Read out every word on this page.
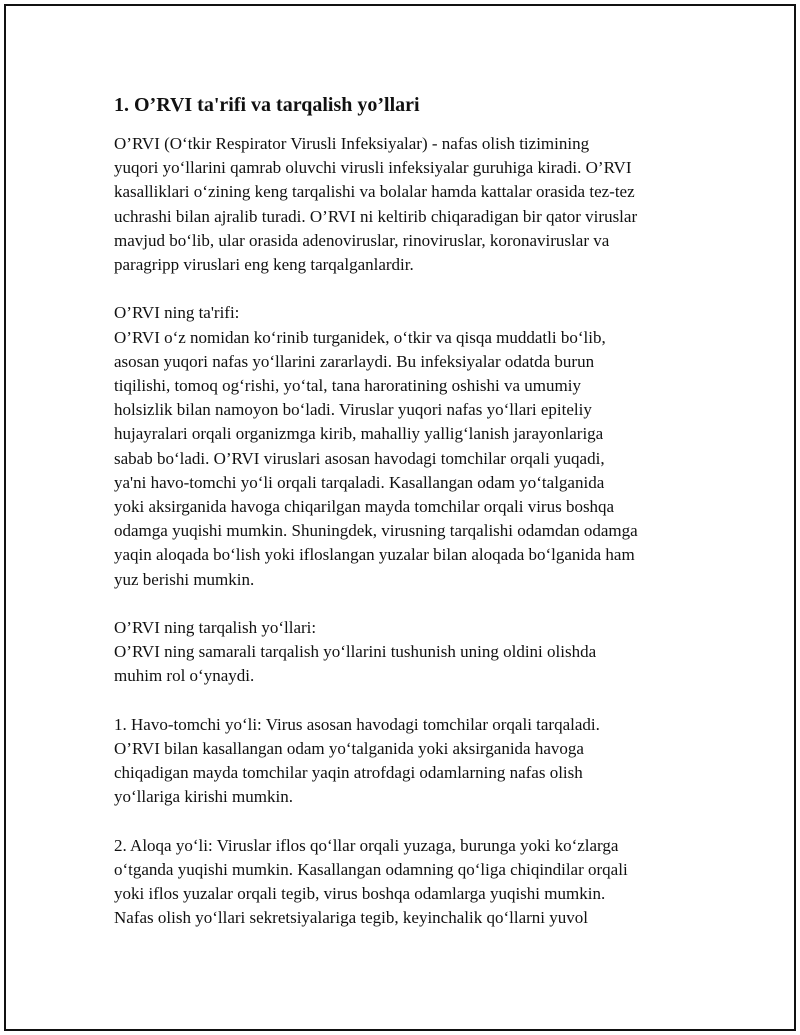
1. O’RVI ta'rifi va tarqalish yo’llari

O’RVI (O‘tkir Respirator Virusli Infeksiyalar) - nafas olish tizimining

yuqori yo‘llarini qamrab oluvchi virusli infeksiyalar guruhiga kiradi. O’RVI

kasalliklari o‘zining keng tarqalishi va bolalar hamda kattalar orasida tez-tez

uchrashi bilan ajralib turadi. O’RVI ni keltirib chiqaradigan bir qator viruslar

mavjud bo‘lib, ular orasida adenoviruslar, rinoviruslar, koronaviruslar va

paragripp viruslari eng keng tarqalganlardir.

O’RVI ning ta'rifi:

O’RVI o‘z nomidan ko‘rinib turganidek, o‘tkir va qisqa muddatli bo‘lib,

asosan yuqori nafas yo‘llarini zararlaydi. Bu infeksiyalar odatda burun

tiqilishi, tomoq og‘rishi, yo‘tal, tana haroratining oshishi va umumiy

holsizlik bilan namoyon bo‘ladi. Viruslar yuqori nafas yo‘llari epiteliy

hujayralari orqali organizmga kirib, mahalliy yallig‘lanish jarayonlariga

sabab bo‘ladi. O’RVI viruslari asosan havodagi tomchilar orqali yuqadi,

ya'ni havo-tomchi yo‘li orqali tarqaladi. Kasallangan odam yo‘talganida

yoki aksirganida havoga chiqarilgan mayda tomchilar orqali virus boshqa

odamga yuqishi mumkin. Shuningdek, virusning tarqalishi odamdan odamga

yaqin aloqada bo‘lish yoki ifloslangan yuzalar bilan aloqada bo‘lganida ham

yuz berishi mumkin.

O’RVI ning tarqalish yo‘llari:

O’RVI ning samarali tarqalish yo‘llarini tushunish uning oldini olishda

muhim rol o‘ynaydi.

1. Havo-tomchi yo‘li: Virus asosan havodagi tomchilar orqali tarqaladi.

O’RVI bilan kasallangan odam yo‘talganida yoki aksirganida havoga

chiqadigan mayda tomchilar yaqin atrofdagi odamlarning nafas olish

yo‘llariga kirishi mumkin.

2. Aloqa yo‘li: Viruslar iflos qo‘llar orqali yuzaga, burunga yoki ko‘zlarga

o‘tganda yuqishi mumkin. Kasallangan odamning qo‘liga chiqindilar orqali

yoki iflos yuzalar orqali tegib, virus boshqa odamlarga yuqishi mumkin.

Nafas olish yo‘llari sekretsiyalariga tegib, keyinchalik qo‘llarni yuvol
